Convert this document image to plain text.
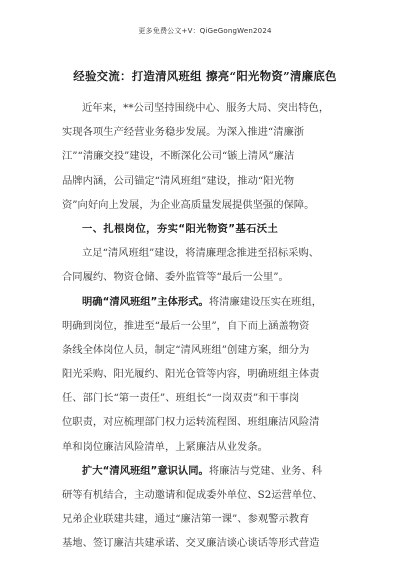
更多免费公文+V：QiGeGongWen2024
经验交流：打造清风班组 擦亮“阳光物资”清廉底色
近年来，**公司坚持围绕中心、服务大局、突出特色，
实现各项生产经营业务稳步发展。为深入推进“清廉浙
江”“清廉交投”建设，不断深化公司“镞上清风”廉洁
品牌内涵，公司锚定“清风班组”建设，推动“阳光物
资”向好向上发展，为企业高质量发展提供坚强的保障。
一、扎根岗位，夯实“阳光物资”基石沃土
立足“清风班组”建设，将清廉理念推进至招标采购、
合同履约、物资仓储、委外监管等“最后一公里”。
明确“清风班组”主体形式。将清廉建设压实在班组，
明确到岗位，推进至“最后一公里”，自下而上涵盖物资
条线全体岗位人员，制定“清风班组”创建方案，细分为
阳光采购、阳光履约、阳光仓管等内容，明确班组主体责
任、部门长“第一责任”、班组长“一岗双责”和干事岗
位职责，对应梳理部门权力运转流程图、班组廉洁风险清
单和岗位廉洁风险清单，上紧廉洁从业发条。
扩大“清风班组”意识认同。将廉洁与党建、业务、科
研等有机结合，主动邀请和促成委外单位、S2运营单位、
兄弟企业联建共建，通过“廉洁第一课”、参观警示教育
基地、签订廉洁共建承诺、交叉廉洁谈心谈话等形式营造
